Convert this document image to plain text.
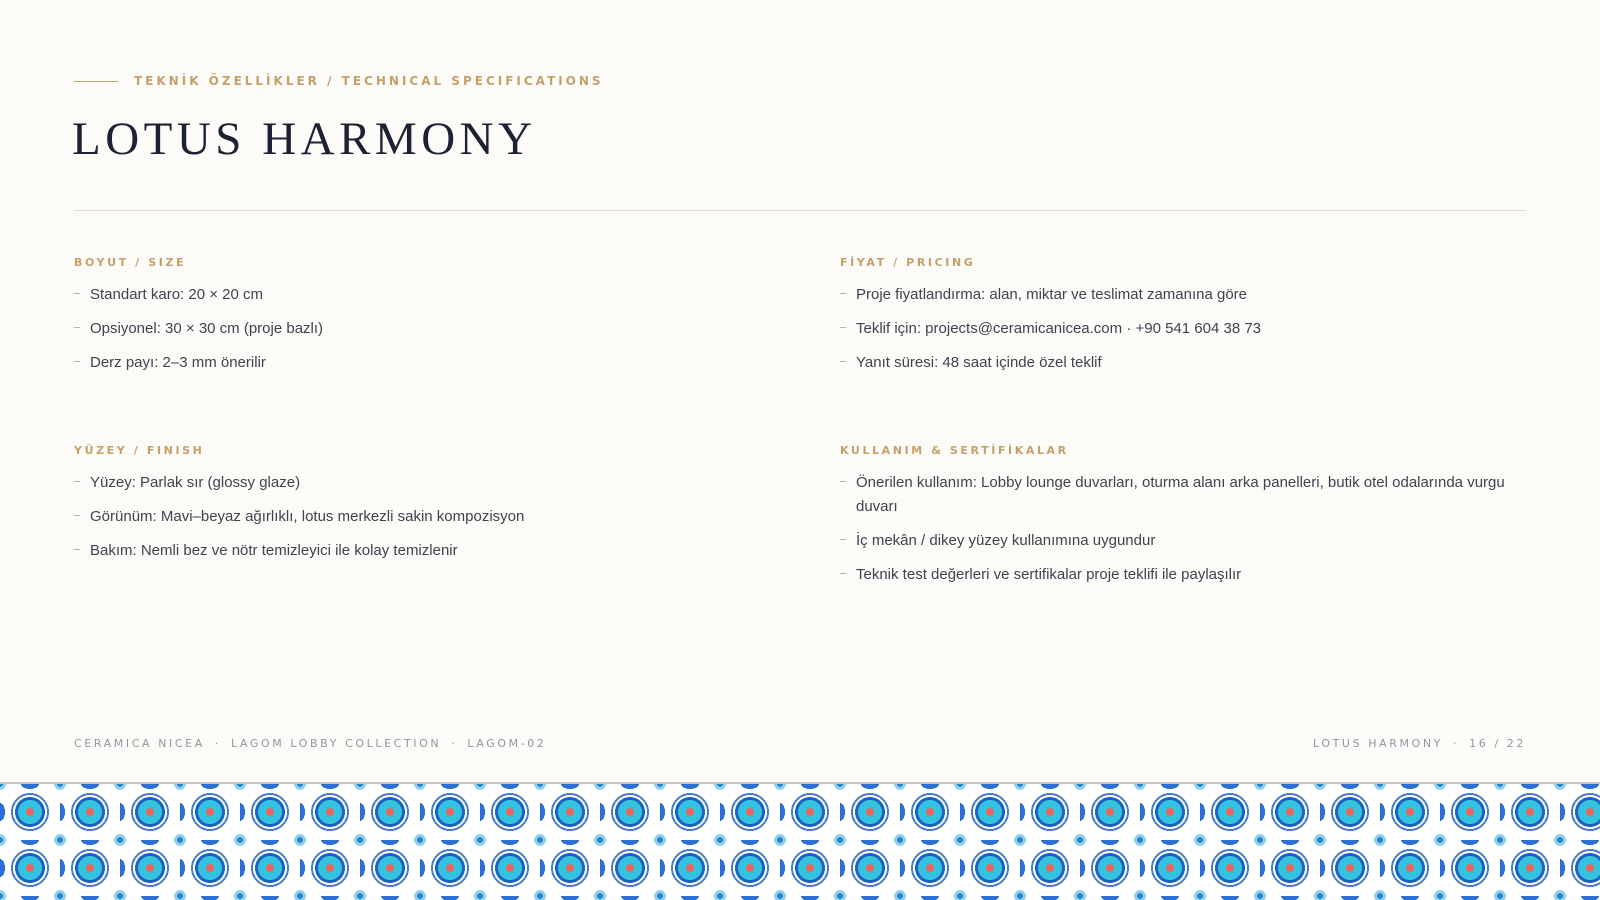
TEKNİK ÖZELLİKLER / TECHNICAL SPECIFICATIONS
LOTUS HARMONY
BOYUT / SIZE
Standart karo: 20 × 20 cm
Opsiyonel: 30 × 30 cm (proje bazlı)
Derz payı: 2–3 mm önerilir
FİYAT / PRICING
Proje fiyatlandırma: alan, miktar ve teslimat zamanına göre
Teklif için: projects@ceramicanicea.com · +90 541 604 38 73
Yanıt süresi: 48 saat içinde özel teklif
YÜZEY / FINISH
Yüzey: Parlak sır (glossy glaze)
Görünüm: Mavi–beyaz ağırlıklı, lotus merkezli sakin kompozisyon
Bakım: Nemli bez ve nötr temizleyici ile kolay temizlenir
KULLANIM & SERTİFİKALAR
Önerilen kullanım: Lobby lounge duvarları, oturma alanı arka panelleri, butik otel odalarında vurgu duvarı
İç mekân / dikey yüzey kullanımına uygundur
Teknik test değerleri ve sertifikalar proje teklifi ile paylaşılır
CERAMICA NICEA · LAGOM LOBBY COLLECTION · LAGOM-02	LOTUS HARMONY · 16 / 22
